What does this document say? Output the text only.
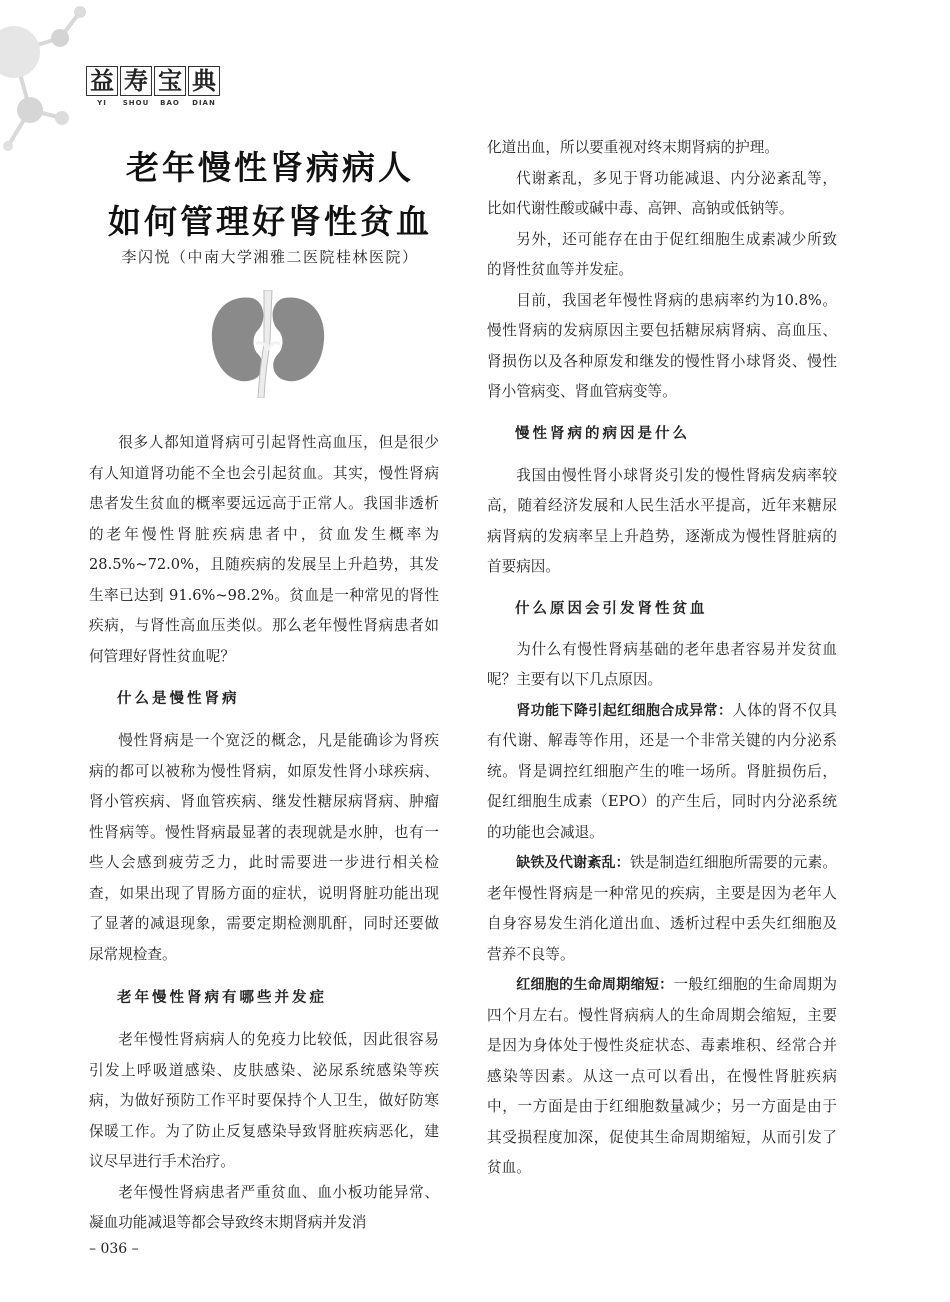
益 寿 宝 典
YI	SHOU	BAO	DIAN
老年慢性肾病病人
如何管理好肾性贫血
李闪悦（中南大学湘雅二医院桂林医院）

很多人都知道肾病可引起肾性高血压，但是很少有人知道肾功能不全也会引起贫血。其实，慢性肾病患者发生贫血的概率要远远高于正常人。我国非透析的老年慢性肾脏疾病患者中，贫血发生概率为 28.5%~72.0%，且随疾病的发展呈上升趋势，其发生率已达到 91.6%~98.2%。贫血是一种常见的肾性疾病，与肾性高血压类似。那么老年慢性肾病患者如何管理好肾性贫血呢？

什么是慢性肾病

慢性肾病是一个宽泛的概念，凡是能确诊为肾疾病的都可以被称为慢性肾病，如原发性肾小球疾病、肾小管疾病、肾血管疾病、继发性糖尿病肾病、肿瘤性肾病等。慢性肾病最显著的表现就是水肿，也有一些人会感到疲劳乏力，此时需要进一步进行相关检查，如果出现了胃肠方面的症状，说明肾脏功能出现了显著的减退现象，需要定期检测肌酐，同时还要做尿常规检查。

老年慢性肾病有哪些并发症

老年慢性肾病病人的免疫力比较低，因此很容易引发上呼吸道感染、皮肤感染、泌尿系统感染等疾病，为做好预防工作平时要保持个人卫生，做好防寒保暖工作。为了防止反复感染导致肾脏疾病恶化，建议尽早进行手术治疗。

老年慢性肾病患者严重贫血、血小板功能异常、凝血功能减退等都会导致终末期肾病并发消

化道出血，所以要重视对终末期肾病的护理。

代谢紊乱，多见于肾功能减退、内分泌紊乱等，比如代谢性酸或碱中毒、高钾、高钠或低钠等。

另外，还可能存在由于促红细胞生成素减少所致的肾性贫血等并发症。

目前，我国老年慢性肾病的患病率约为10.8%。慢性肾病的发病原因主要包括糖尿病肾病、高血压、肾损伤以及各种原发和继发的慢性肾小球肾炎、慢性肾小管病变、肾血管病变等。

慢性肾病的病因是什么

我国由慢性肾小球肾炎引发的慢性肾病发病率较高，随着经济发展和人民生活水平提高，近年来糖尿病肾病的发病率呈上升趋势，逐渐成为慢性肾脏病的首要病因。

什么原因会引发肾性贫血

为什么有慢性肾病基础的老年患者容易并发贫血呢？主要有以下几点原因。

肾功能下降引起红细胞合成异常：人体的肾不仅具有代谢、解毒等作用，还是一个非常关键的内分泌系统。肾是调控红细胞产生的唯一场所。肾脏损伤后，促红细胞生成素（EPO）的产生后，同时内分泌系统的功能也会减退。

缺铁及代谢紊乱：铁是制造红细胞所需要的元素。老年慢性肾病是一种常见的疾病，主要是因为老年人自身容易发生消化道出血、透析过程中丢失红细胞及营养不良等。

红细胞的生命周期缩短：一般红细胞的生命周期为四个月左右。慢性肾病病人的生命周期会缩短，主要是因为身体处于慢性炎症状态、毒素堆积、经常合并感染等因素。从这一点可以看出，在慢性肾脏疾病中，一方面是由于红细胞数量减少；另一方面是由于其受损程度加深，促使其生命周期缩短，从而引发了贫血。

– 036 –
